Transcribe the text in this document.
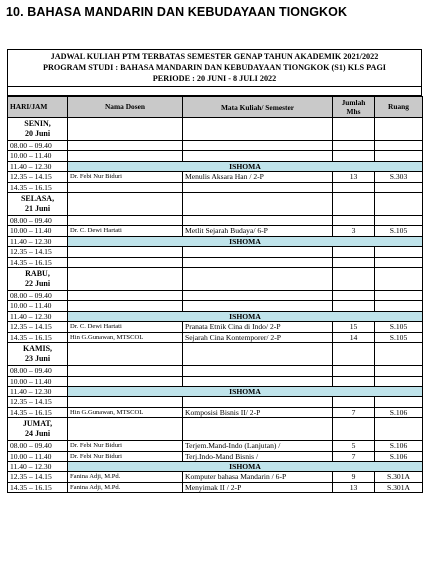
10. BAHASA MANDARIN DAN KEBUDAYAAN TIONGKOK
JADWAL KULIAH PTM TERBATAS SEMESTER GENAP TAHUN AKADEMIK 2021/2022
PROGRAM STUDI : BAHASA MANDARIN DAN KEBUDAYAAN TIONGKOK (S1) KLS PAGI
PERIODE : 20 JUNI - 8 JULI 2022
HARI/JAM	Nama Dosen	Mata Kuliah/ Semester	Jumlah Mhs	Ruang

SENIN,
20 Juni				

08.00 – 09.40				
10.00 – 11.40				
11.40 – 12.30	ISHOMA			
12.35 – 14.15	Dr. Febi Nur Biduri	Menulis Aksara Han / 2-P	13	S.303
14.35 – 16.15				

SELASA,
21 Juni				

08.00 – 09.40				
10.00 – 11.40	Dr. C. Dewi Hartati	Metlit Sejarah Budaya/ 6-P	3	S.105
11.40 – 12.30	ISHOMA			
12.35 – 14.15				
14.35 – 16.15				

RABU,
22 Juni				

08.00 – 09.40				
10.00 – 11.40				
11.40 – 12.30	ISHOMA			
12.35 – 14.15	Dr. C. Dewi Hartati	Pranata Etnik Cina di Indo/ 2-P	15	S.105
14.35 – 16.15	Hin G.Gunawan, MTSCOL	Sejarah Cina Kontemporer/ 2-P	14	S.105

KAMIS,
23 Juni				

08.00 – 09.40				
10.00 – 11.40				
11.40 – 12.30	ISHOMA			
12.35 – 14.15				
14.35 – 16.15	Hin G.Gunawan, MTSCOL	Komposisi Bisnis II/ 2-P	7	S.106

JUMAT,
24 Juni				

08.00 – 09.40	Dr. Febi Nur Biduri	Terjem.Mand-Indo (Lanjutan) /	5	S.106
10.00 – 11.40	Dr. Febi Nur Biduri	Terj.Indo-Mand Bisnis /	7	S.106
11.40 – 12.30	ISHOMA			
12.35 – 14.15	Fanina Adji, M.Pd.	Komputer bahasa Mandarin / 6-P	9	S.301A
14.35 – 16.15	Fanina Adji, M.Pd.	Menyimak II / 2-P	13	S.301A
